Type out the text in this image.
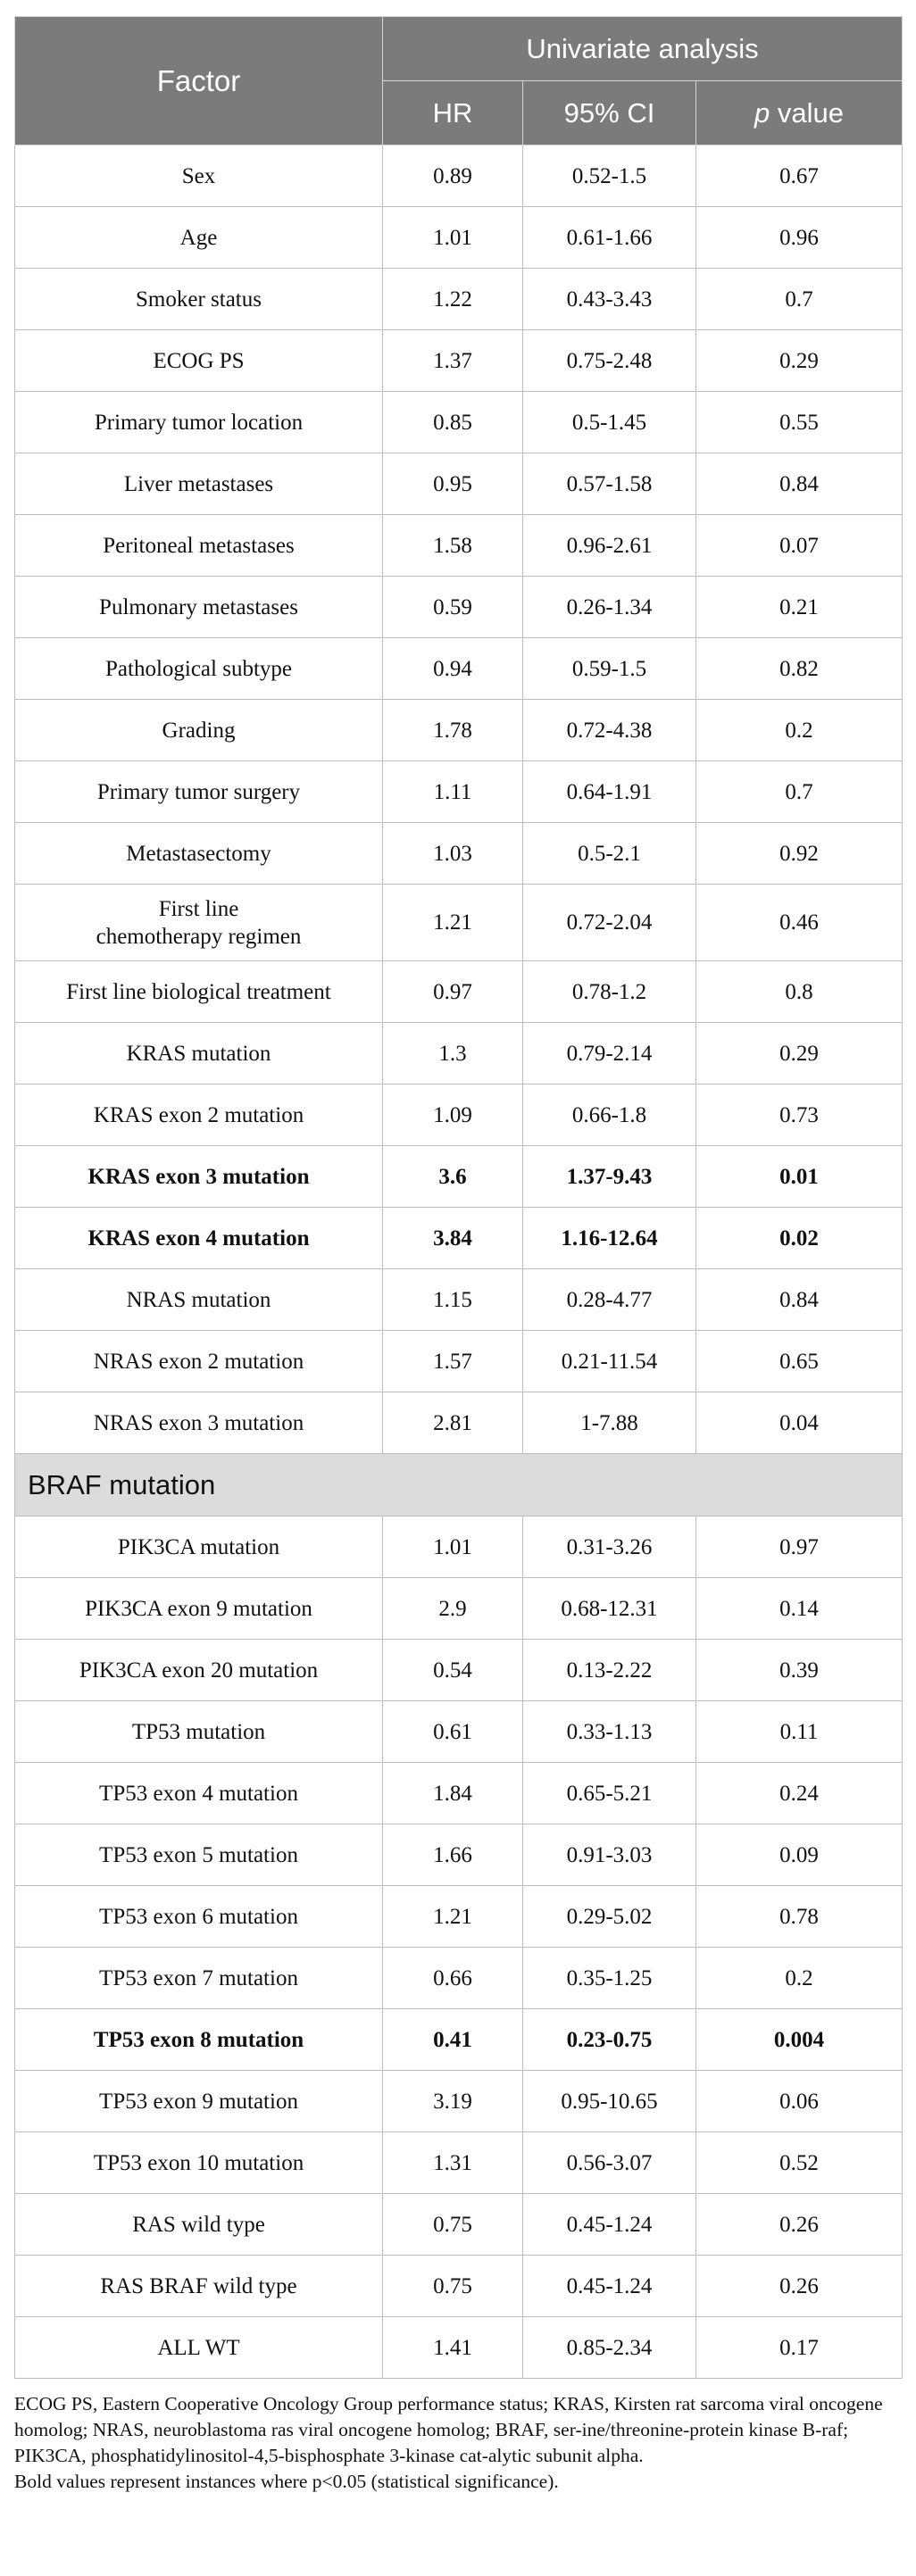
Factor	Univariate analysis		
	HR	95% CI	p value
Sex	0.89	0.52-1.5	0.67
Age	1.01	0.61-1.66	0.96
Smoker status	1.22	0.43-3.43	0.7
ECOG PS	1.37	0.75-2.48	0.29
Primary tumor location	0.85	0.5-1.45	0.55
Liver metastases	0.95	0.57-1.58	0.84
Peritoneal metastases	1.58	0.96-2.61	0.07
Pulmonary metastases	0.59	0.26-1.34	0.21
Pathological subtype	0.94	0.59-1.5	0.82
Grading	1.78	0.72-4.38	0.2
Primary tumor surgery	1.11	0.64-1.91	0.7
Metastasectomy	1.03	0.5-2.1	0.92
First line
chemotherapy regimen	1.21	0.72-2.04	0.46
First line biological treatment	0.97	0.78-1.2	0.8
KRAS mutation	1.3	0.79-2.14	0.29
KRAS exon 2 mutation	1.09	0.66-1.8	0.73
KRAS exon 3 mutation	3.6	1.37-9.43	0.01
KRAS exon 4 mutation	3.84	1.16-12.64	0.02
NRAS mutation	1.15	0.28-4.77	0.84
NRAS exon 2 mutation	1.57	0.21-11.54	0.65
NRAS exon 3 mutation	2.81	1-7.88	0.04
BRAF mutation			
PIK3CA mutation	1.01	0.31-3.26	0.97
PIK3CA exon 9 mutation	2.9	0.68-12.31	0.14
PIK3CA exon 20 mutation	0.54	0.13-2.22	0.39
TP53 mutation	0.61	0.33-1.13	0.11
TP53 exon 4 mutation	1.84	0.65-5.21	0.24
TP53 exon 5 mutation	1.66	0.91-3.03	0.09
TP53 exon 6 mutation	1.21	0.29-5.02	0.78
TP53 exon 7 mutation	0.66	0.35-1.25	0.2
TP53 exon 8 mutation	0.41	0.23-0.75	0.004
TP53 exon 9 mutation	3.19	0.95-10.65	0.06
TP53 exon 10 mutation	1.31	0.56-3.07	0.52
RAS wild type	0.75	0.45-1.24	0.26
RAS BRAF wild type	0.75	0.45-1.24	0.26
ALL WT	1.41	0.85-2.34	0.17

ECOG PS, Eastern Cooperative Oncology Group performance status; KRAS, Kirsten rat sarcoma viral oncogene homolog; NRAS, neuroblastoma ras viral oncogene homolog; BRAF, ser-ine/threonine-protein kinase B-raf; PIK3CA, phosphatidylinositol-4,5-bisphosphate 3-kinase cat-alytic subunit alpha.

Bold values represent instances where p<0.05 (statistical significance).
